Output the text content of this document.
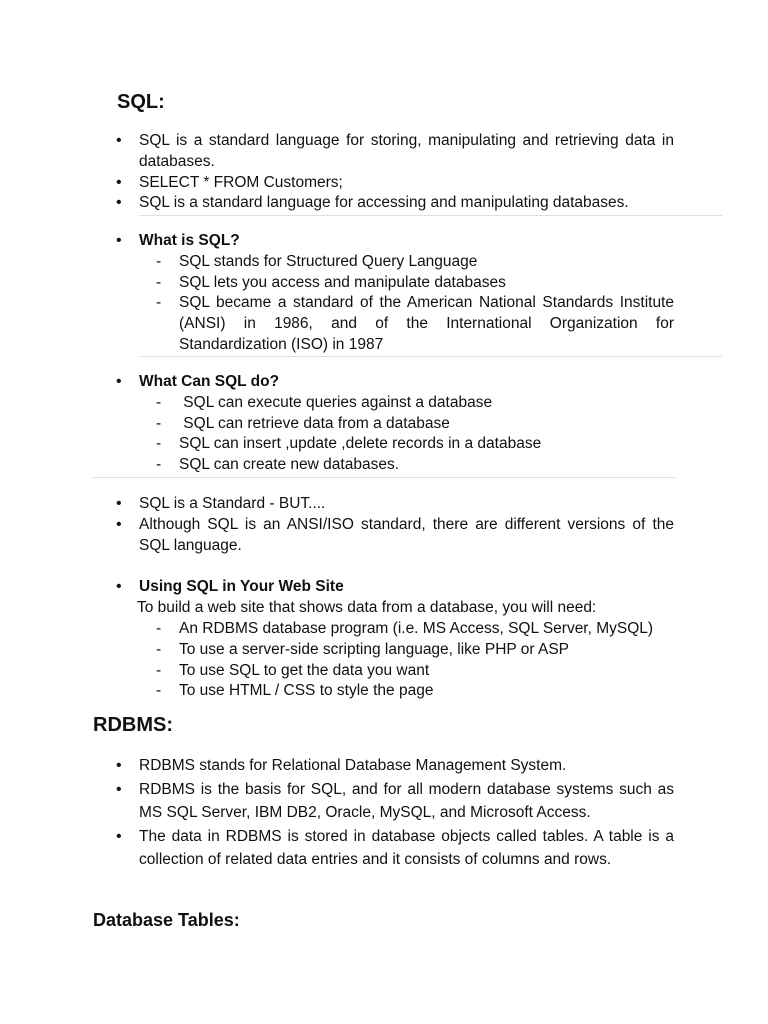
SQL:
• SQL is a standard language for storing, manipulating and retrieving data in databases.
• SELECT * FROM Customers;
• SQL is a standard language for accessing and manipulating databases.
• What is SQL?
- SQL stands for Structured Query Language
- SQL lets you access and manipulate databases
- SQL became a standard of the American National Standards Institute (ANSI) in 1986, and of the International Organization for Standardization (ISO) in 1987
• What Can SQL do?
-  SQL can execute queries against a database
-  SQL can retrieve data from a database
- SQL can insert ,update ,delete records in a database
- SQL can create new databases.
• SQL is a Standard - BUT....
• Although SQL is an ANSI/ISO standard, there are different versions of the SQL language.
• Using SQL in Your Web Site
To build a web site that shows data from a database, you will need:
- An RDBMS database program (i.e. MS Access, SQL Server, MySQL)
- To use a server-side scripting language, like PHP or ASP
- To use SQL to get the data you want
- To use HTML / CSS to style the page
RDBMS:
• RDBMS stands for Relational Database Management System.
• RDBMS is the basis for SQL, and for all modern database systems such as MS SQL Server, IBM DB2, Oracle, MySQL, and Microsoft Access.
• The data in RDBMS is stored in database objects called tables. A table is a collection of related data entries and it consists of columns and rows.
Database Tables:
